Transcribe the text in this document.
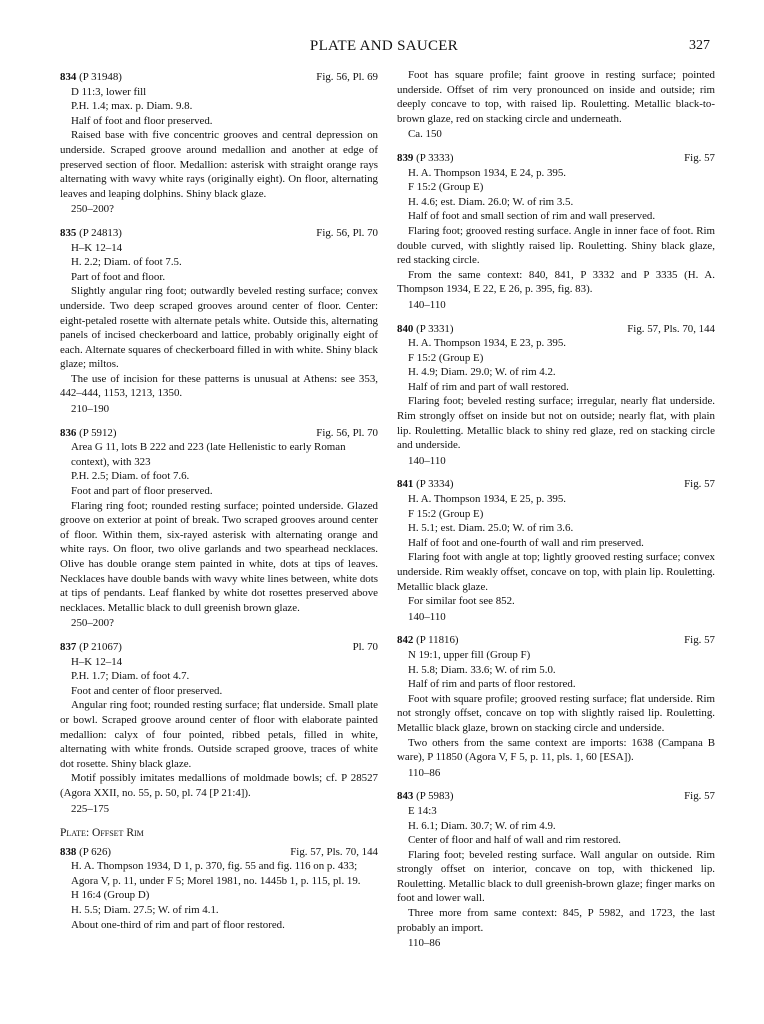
PLATE AND SAUCER	327
834 (P 31948)	Fig. 56, Pl. 69
D 11:3, lower fill
P.H. 1.4; max. p. Diam. 9.8.
Half of foot and floor preserved.

Raised base with five concentric grooves and central depression on underside. Scraped groove around medallion and another at edge of preserved section of floor. Medallion: asterisk with straight orange rays alternating with wavy white rays (originally eight). On floor, alternating leaves and leaping dolphins. Shiny black glaze.

250–200?
835 (P 24813)	Fig. 56, Pl. 70
H–K 12–14
H. 2.2; Diam. of foot 7.5.
Part of foot and floor.

Slightly angular ring foot; outwardly beveled resting surface; convex underside. Two deep scraped grooves around center of floor. Center: eight-petaled rosette with alternate petals white. Outside this, alternating panels of incised checkerboard and lattice, probably originally eight of each. Alternate squares of checkerboard filled in with white. Shiny black glaze; miltos.

The use of incision for these patterns is unusual at Athens: see 353, 442–444, 1153, 1213, 1350.

210–190
836 (P 5912)	Fig. 56, Pl. 70
Area G 11, lots B 222 and 223 (late Hellenistic to early Roman context), with 323
P.H. 2.5; Diam. of foot 7.6.
Foot and part of floor preserved.

Flaring ring foot; rounded resting surface; pointed underside. Glazed groove on exterior at point of break. Two scraped grooves around center of floor. Within them, six-rayed asterisk with alternating orange and white rays. On floor, two olive garlands and two spearhead necklaces. Olive has double orange stem painted in white, dots at tips of leaves. Necklaces have double bands with wavy white lines between, white dots at tips of pendants. Leaf flanked by white dot rosettes preserved above necklaces. Metallic black to dull greenish brown glaze.

250–200?
837 (P 21067)	Pl. 70
H–K 12–14
P.H. 1.7; Diam. of foot 4.7.
Foot and center of floor preserved.

Angular ring foot; rounded resting surface; flat underside. Small plate or bowl. Scraped groove around center of floor with elaborate painted medallion: calyx of four pointed, ribbed petals, filled in white, alternating with white fronds. Outside scraped groove, traces of white dot rosette. Shiny black glaze.

Motif possibly imitates medallions of moldmade bowls; cf. P 28527 (Agora XXII, no. 55, p. 50, pl. 74 [P 21:4]).

225–175
Plate: Offset Rim
838 (P 626)	Fig. 57, Pls. 70, 144
H. A. Thompson 1934, D 1, p. 370, fig. 55 and fig. 116 on p. 433; Agora V, p. 11, under F 5; Morel 1981, no. 1445b 1, p. 115, pl. 19.
H 16:4 (Group D)
H. 5.5; Diam. 27.5; W. of rim 4.1.
About one-third of rim and part of floor restored.

Foot has square profile; faint groove in resting surface; pointed underside. Offset of rim very pronounced on inside and outside; rim deeply concave to top, with raised lip. Rouletting. Metallic black-to-brown glaze, red on stacking circle and underneath.

Ca. 150
839 (P 3333)	Fig. 57
H. A. Thompson 1934, E 24, p. 395.
F 15:2 (Group E)
H. 4.6; est. Diam. 26.0; W. of rim 3.5.
Half of foot and small section of rim and wall preserved.

Flaring foot; grooved resting surface. Angle in inner face of foot. Rim double curved, with slightly raised lip. Rouletting. Shiny black glaze, red stacking circle.

From the same context: 840, 841, P 3332 and P 3335 (H. A. Thompson 1934, E 22, E 26, p. 395, fig. 83).

140–110
840 (P 3331)	Fig. 57, Pls. 70, 144
H. A. Thompson 1934, E 23, p. 395.
F 15:2 (Group E)
H. 4.9; Diam. 29.0; W. of rim 4.2.
Half of rim and part of wall restored.

Flaring foot; beveled resting surface; irregular, nearly flat underside. Rim strongly offset on inside but not on outside; nearly flat, with plain lip. Rouletting. Metallic black to shiny red glaze, red on stacking circle and underside.

140–110
841 (P 3334)	Fig. 57
H. A. Thompson 1934, E 25, p. 395.
F 15:2 (Group E)
H. 5.1; est. Diam. 25.0; W. of rim 3.6.
Half of foot and one-fourth of wall and rim preserved.

Flaring foot with angle at top; lightly grooved resting surface; convex underside. Rim weakly offset, concave on top, with plain lip. Rouletting. Metallic black glaze.

For similar foot see 852.

140–110
842 (P 11816)	Fig. 57
N 19:1, upper fill (Group F)
H. 5.8; Diam. 33.6; W. of rim 5.0.
Half of rim and parts of floor restored.

Foot with square profile; grooved resting surface; flat underside. Rim not strongly offset, concave on top with slightly raised lip. Rouletting. Metallic black glaze, brown on stacking circle and underside.

Two others from the same context are imports: 1638 (Campana B ware), P 11850 (Agora V, F 5, p. 11, pls. 1, 60 [ESA]).

110–86
843 (P 5983)	Fig. 57
E 14:3
H. 6.1; Diam. 30.7; W. of rim 4.9.
Center of floor and half of wall and rim restored.

Flaring foot; beveled resting surface. Wall angular on outside. Rim strongly offset on interior, concave on top, with thickened lip. Rouletting. Metallic black to dull greenish-brown glaze; finger marks on foot and lower wall.

Three more from same context: 845, P 5982, and 1723, the last probably an import.

110–86
